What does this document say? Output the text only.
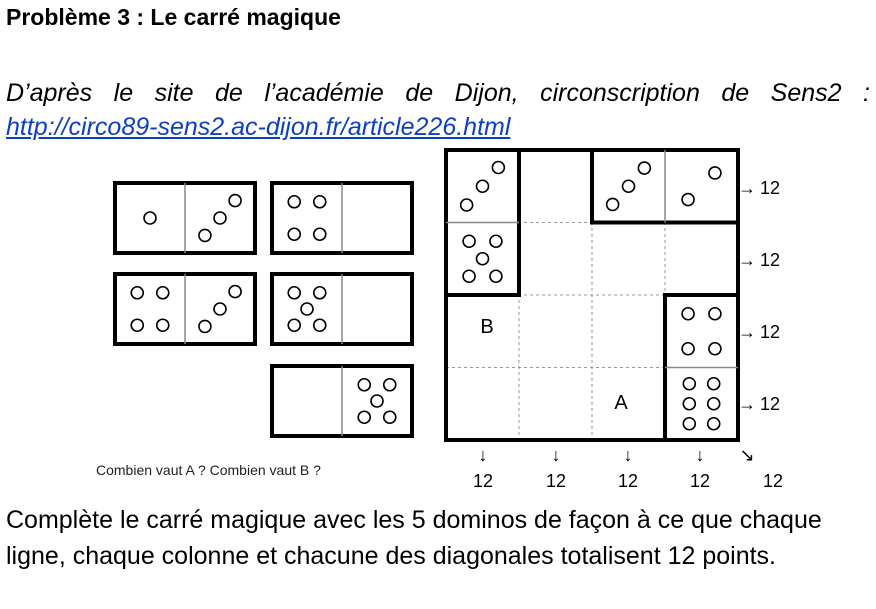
Problème 3 : Le carré magique
D’après le site de l’académie de Dijon, circonscription de Sens2 :
http://circo89-sens2.ac-dijon.fr/article226.html
B
A
→ 12
→ 12
→ 12
→ 12
↓
12
↓
12
↓
12
↓
12
↘
12
Combien vaut A ? Combien vaut B ?
Complète le carré magique avec les 5 dominos de façon à ce que chaque ligne, chaque colonne et chacune des diagonales totalisent 12 points.
